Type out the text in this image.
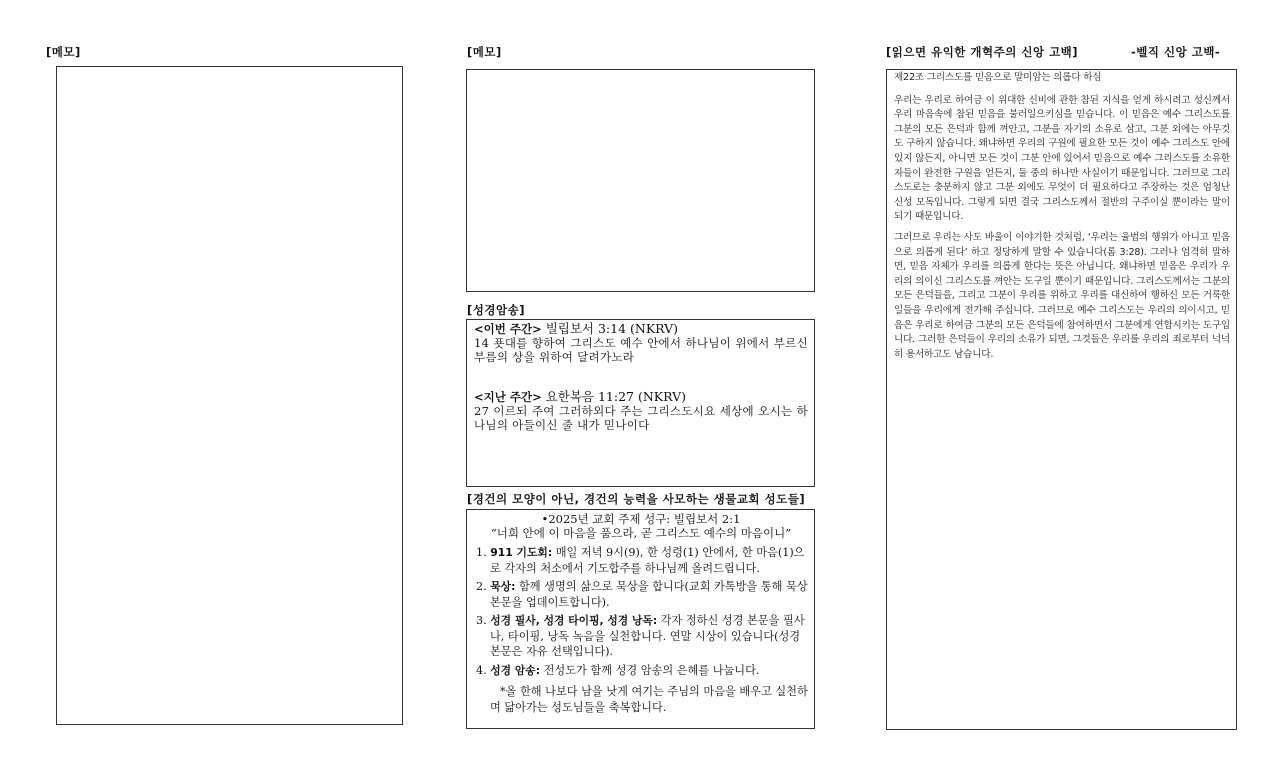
[메모]	[메모]
[성경암송]

<이번 주간> 빌립보서 3:14 (NKRV)

14 푯대를 향하여 그리스도 예수 안에서 하나님이 위에서 부르신 부름의 상을 위하여 달려가노라

<지난 주간> 요한복음 11:27 (NKRV)

27 이르되 주여 그러하외다 주는 그리스도시요 세상에 오시는 하나님의 아들이신 줄 내가 믿나이다

[경건의 모양이 아닌, 경건의 능력을 사모하는 생물교회 성도들]

•2025년 교회 주제 성구: 빌립보서 2:1

“너희 안에 이 마음을 품으라, 곧 그리스도 예수의 마음이니”

1. 911 기도회: 매일 저녁 9시(9), 한 성령(1) 안에서, 한 마음(1)으로 각자의 처소에서 기도합주를 하나님께 올려드립니다.

2. 묵상: 함께 생명의 삶으로 묵상을 합니다(교회 카톡방을 통해 묵상 본문을 업데이트합니다).

3. 성경 필사, 성경 타이핑, 성경 낭독: 각자 정하신 성경 본문을 필사나, 타이핑, 낭독 녹음을 실천합니다. 연말 시상이 있습니다(성경 본문은 자유 선택입니다).

4. 성경 암송: 전성도가 함께 성경 암송의 은혜를 나눕니다.

*올 한해 나보다 남을 낫게 여기는 주님의 마음을 배우고 실천하며 닮아가는 성도님들을 축복합니다.

[읽으면 유익한 개혁주의 신앙 고백]	-벨직 신앙 고백-

제22조 그리스도를 믿음으로 말미암는 의롭다 하심

우리는 우리로 하여금 이 위대한 신비에 관한 참된 지식을 얻게 하시려고 성신께서 우리 마음속에 참된 믿음을 불러일으키심을 믿습니다. 이 믿음은 예수 그리스도를 그분의 모든 은덕과 함께 껴안고, 그분을 자기의 소유로 삼고, 그분 외에는 아무것도 구하지 않습니다. 왜냐하면 우리의 구원에 필요한 모든 것이 예수 그리스도 안에 있지 않든지, 아니면 모든 것이 그분 안에 있어서 믿음으로 예수 그리스도를 소유한 자들이 완전한 구원을 얻든지, 둘 중의 하나만 사실이기 때문입니다. 그러므로 그리스도로는 충분하지 않고 그분 외에도 무엇이 더 필요하다고 주장하는 것은 엄청난 신성 모독입니다. 그렇게 되면 결국 그리스도께서 절반의 구주이실 뿐이라는 말이 되기 때문입니다.

그러므로 우리는 사도 바울이 이야기한 것처럼, ‘우리는 율법의 행위가 아니고 믿음으로 의롭게 된다’ 하고 정당하게 말할 수 있습니다(롬 3:28). 그러나 엄격히 말하면, 믿음 자체가 우리를 의롭게 한다는 뜻은 아닙니다. 왜냐하면 믿음은 우리가 우리의 의이신 그리스도를 껴안는 도구일 뿐이기 때문입니다. 그리스도께서는 그분의 모든 은덕들을, 그리고 그분이 우리를 위하고 우리를 대신하여 행하신 모든 거룩한 일들을 우리에게 전가해 주십니다. 그러므로 예수 그리스도는 우리의 의이시고, 믿음은 우리로 하여금 그분의 모든 은덕들에 참여하면서 그분에게 연합시키는 도구입니다. 그러한 은덕들이 우리의 소유가 되면, 그것들은 우리를 우리의 죄로부터 넉넉히 용서하고도 남습니다.
